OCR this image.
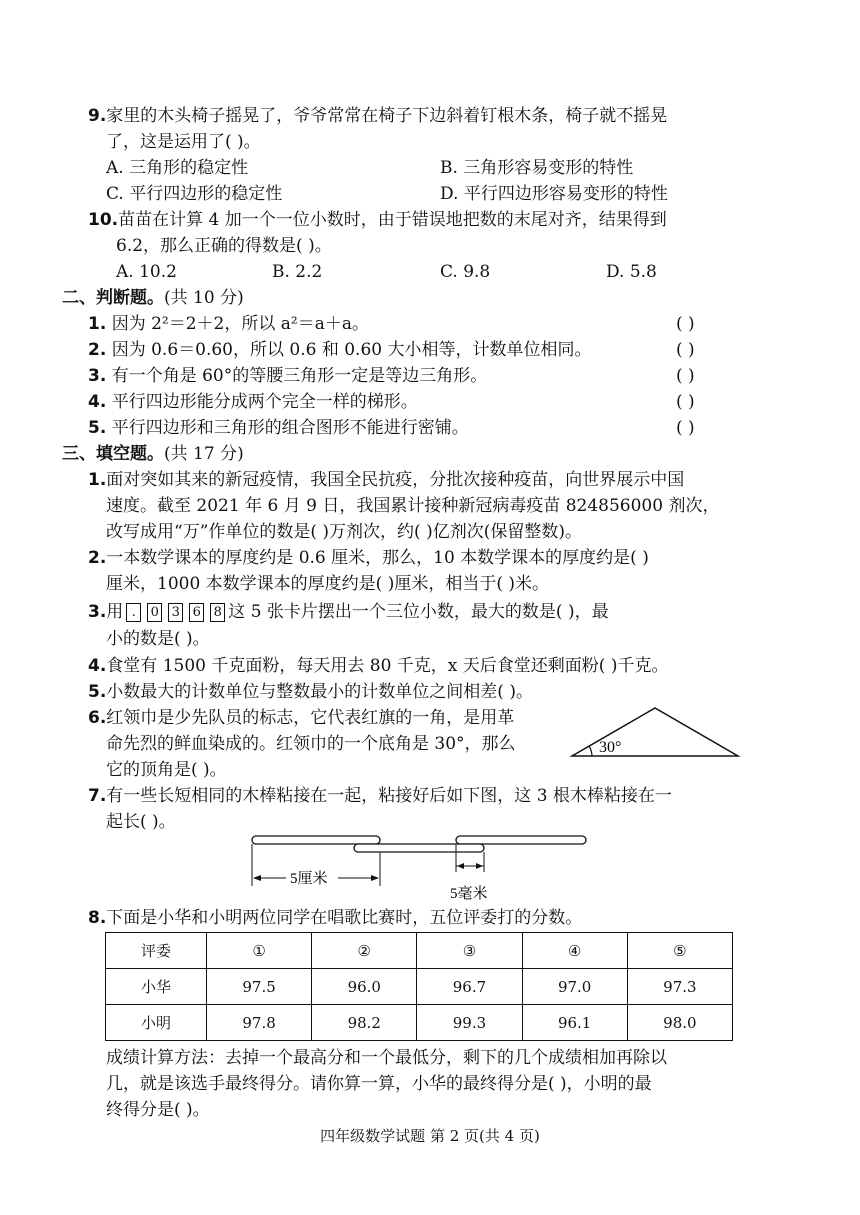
9.家里的木头椅子摇晃了，爷爷常常在椅子下边斜着钉根木条，椅子就不摇晃
了，这是运用了( )。
A. 三角形的稳定性	B. 三角形容易变形的特性
C. 平行四边形的稳定性	D. 平行四边形容易变形的特性
10.苗苗在计算 4 加一个一位小数时，由于错误地把数的末尾对齐，结果得到
6.2，那么正确的得数是( )。
A. 10.2	B. 2.2	C. 9.8	D. 5.8
二、判断题。(共 10 分)
1. 因为 2²＝2＋2，所以 a²＝a＋a。	( )
2. 因为 0.6＝0.60，所以 0.6 和 0.60 大小相等，计数单位相同。	( )
3. 有一个角是 60°的等腰三角形一定是等边三角形。	( )
4. 平行四边形能分成两个完全一样的梯形。	( )
5. 平行四边形和三角形的组合图形不能进行密铺。	( )
三、填空题。(共 17 分)
1.面对突如其来的新冠疫情，我国全民抗疫，分批次接种疫苗，向世界展示中国
速度。截至 2021 年 6 月 9 日，我国累计接种新冠病毒疫苗 824856000 剂次，
改写成用“万”作单位的数是( )万剂次，约( )亿剂次(保留整数)。
2.一本数学课本的厚度约是 0.6 厘米，那么，10 本数学课本的厚度约是( )
厘米，1000 本数学课本的厚度约是( )厘米，相当于( )米。
3.用 . 0 3 6 8 这 5 张卡片摆出一个三位小数，最大的数是( )，最
小的数是( )。
4.食堂有 1500 千克面粉，每天用去 80 千克，x 天后食堂还剩面粉( )千克。
5.小数最大的计数单位与整数最小的计数单位之间相差( )。
6.红领巾是少先队员的标志，它代表红旗的一角，是用革
命先烈的鲜血染成的。红领巾的一个底角是 30°，那么
它的顶角是( )。
30°
7.有一些长短相同的木棒粘接在一起，粘接好后如下图，这 3 根木棒粘接在一
起长( )。
5厘米
5毫米
8.下面是小华和小明两位同学在唱歌比赛时，五位评委打的分数。
评委	①	②	③	④	⑤
小华	97.5	96.0	96.7	97.0	97.3
小明	97.8	98.2	99.3	96.1	98.0
成绩计算方法：去掉一个最高分和一个最低分，剩下的几个成绩相加再除以
几，就是该选手最终得分。请你算一算，小华的最终得分是( )，小明的最
终得分是( )。
四年级数学试题 第 2 页(共 4 页)
